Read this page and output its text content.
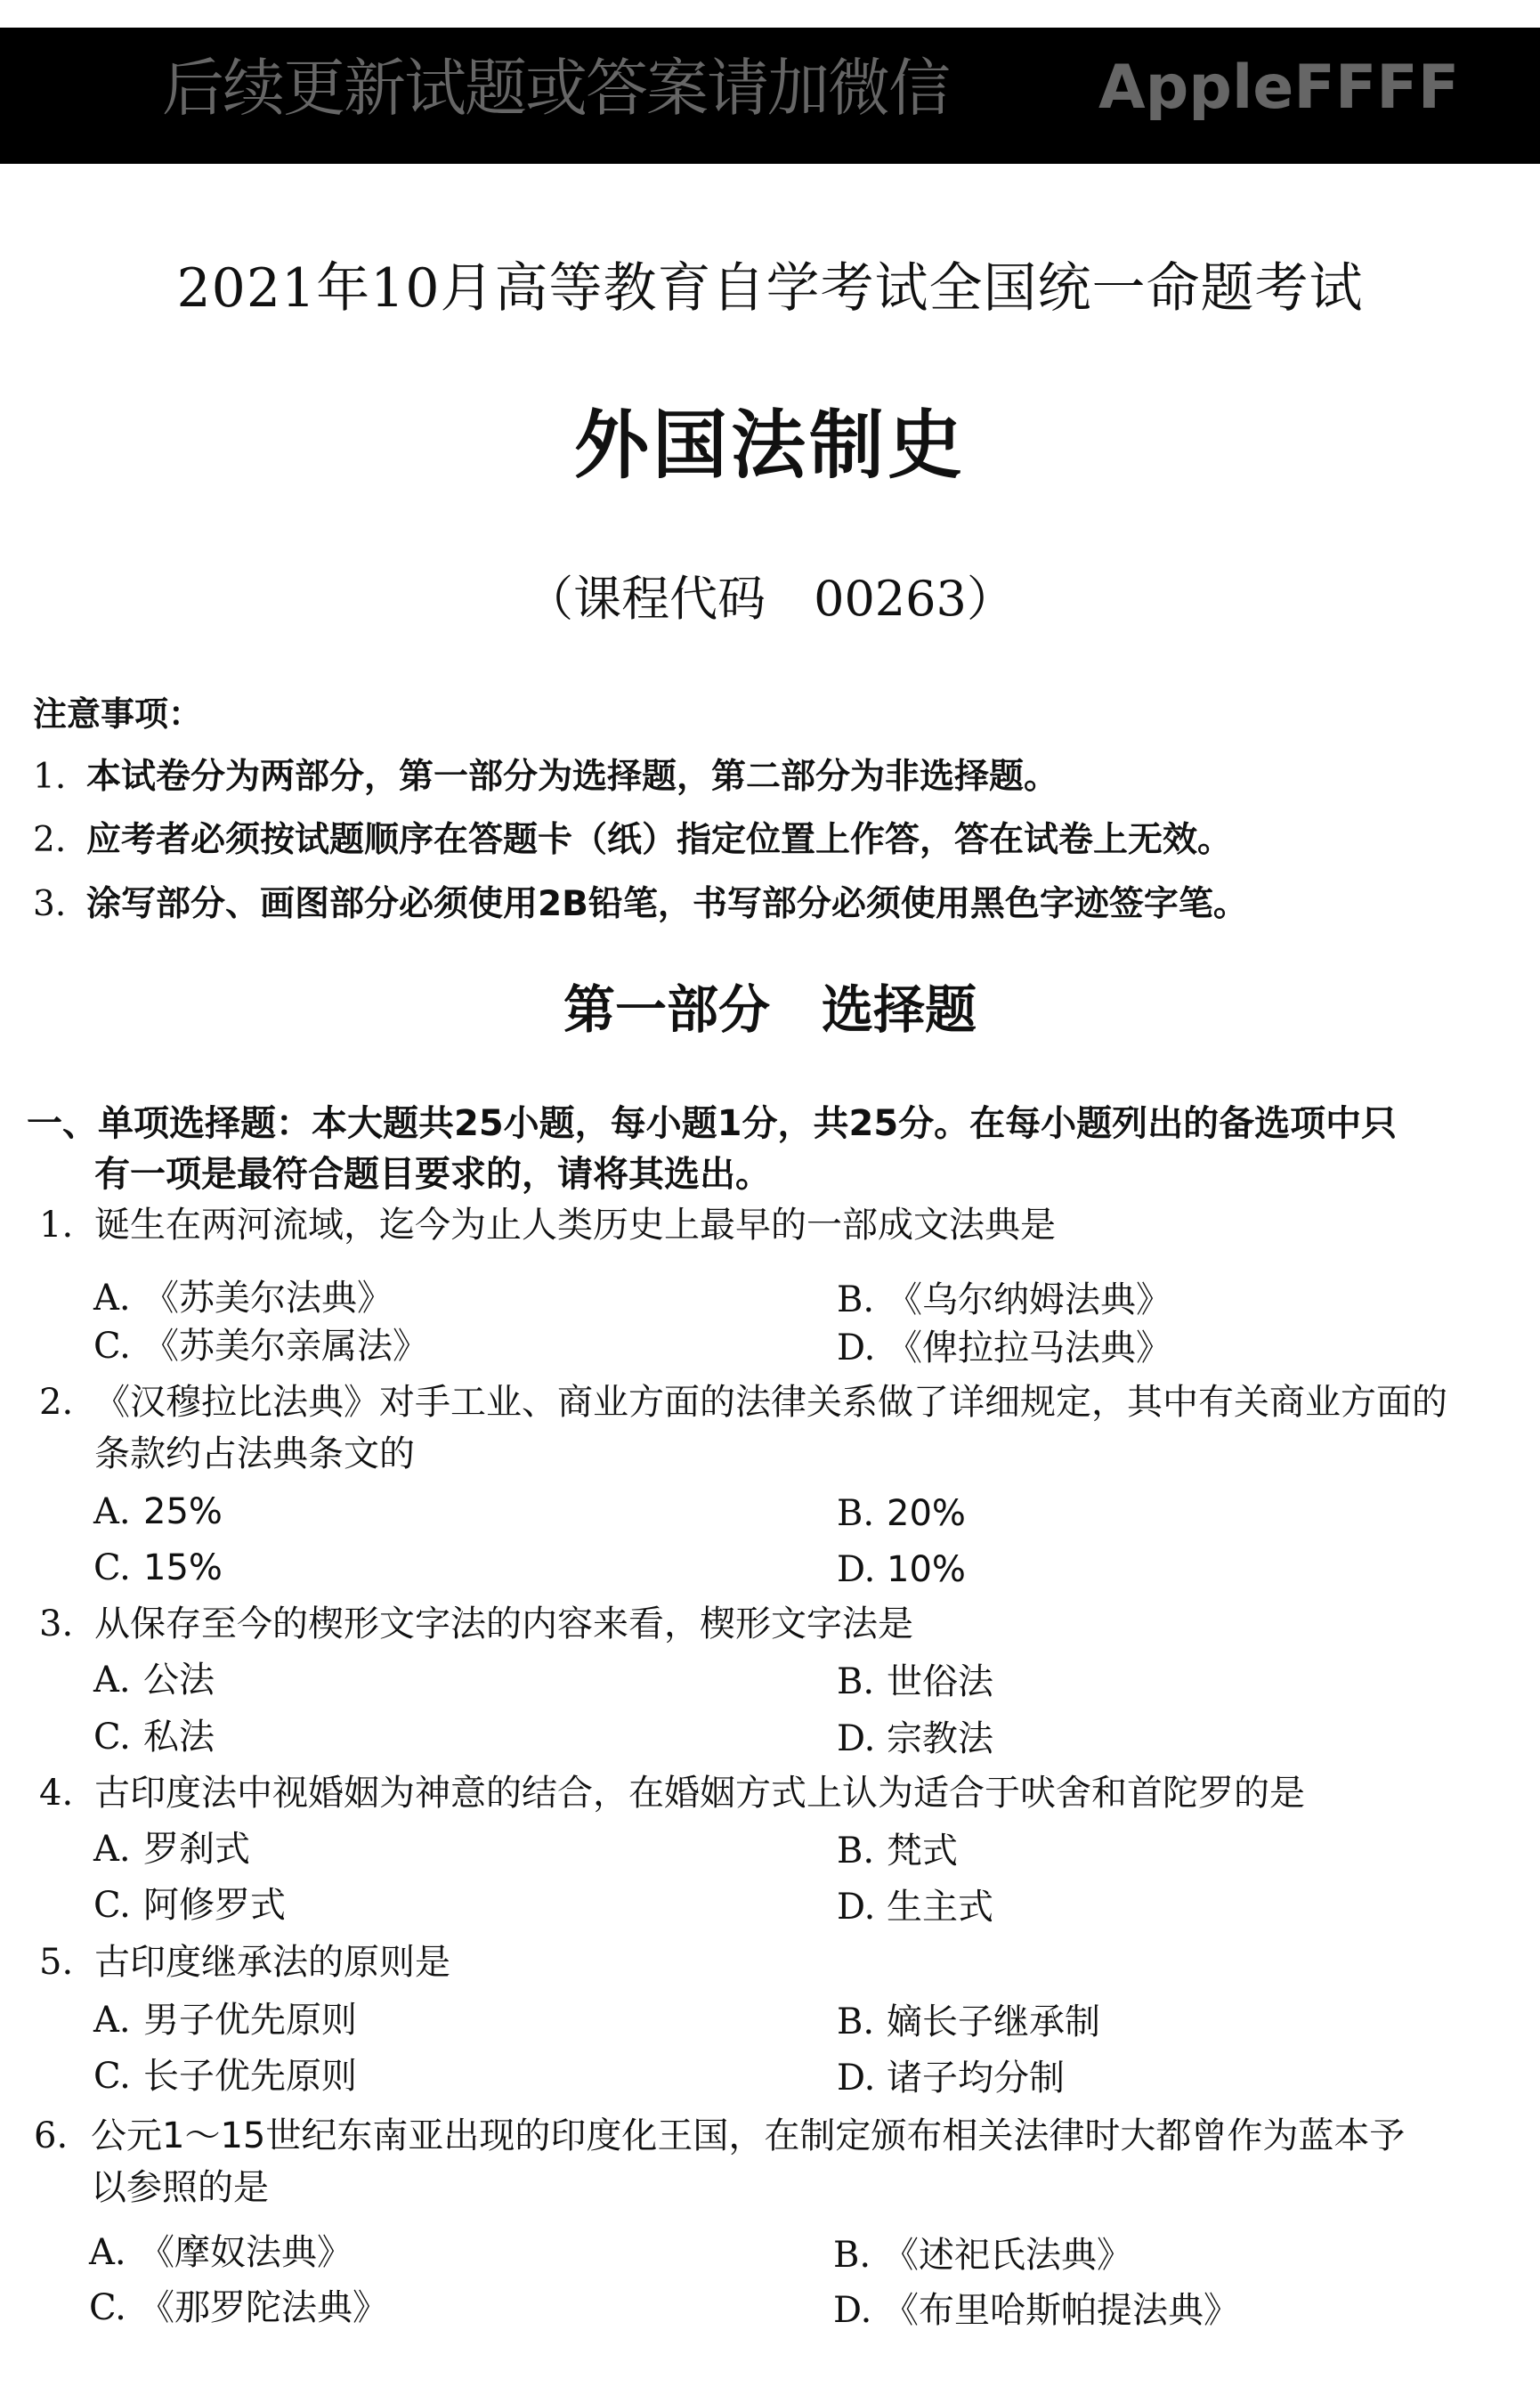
后续更新试题或答案请加微信 AppleFFFF
2021年10月高等教育自学考试全国统一命题考试
外国法制史
（课程代码　00263）
注意事项：
1. 本试卷分为两部分，第一部分为选择题，第二部分为非选择题。
2. 应考者必须按试题顺序在答题卡（纸）指定位置上作答，答在试卷上无效。
3. 涂写部分、画图部分必须使用2B铅笔，书写部分必须使用黑色字迹签字笔。
第一部分　选择题
一、单项选择题：本大题共25小题，每小题1分，共25分。在每小题列出的备选项中只
有一项是最符合题目要求的，请将其选出。
1. 诞生在两河流域，迄今为止人类历史上最早的一部成文法典是
A. 《苏美尔法典》	B. 《乌尔纳姆法典》
C. 《苏美尔亲属法》	D. 《俾拉拉马法典》
2. 《汉穆拉比法典》对手工业、商业方面的法律关系做了详细规定，其中有关商业方面的
条款约占法典条文的
A. 25%	B. 20%
C. 15%	D. 10%
3. 从保存至今的楔形文字法的内容来看，楔形文字法是
A. 公法	B. 世俗法
C. 私法	D. 宗教法
4. 古印度法中视婚姻为神意的结合，在婚姻方式上认为适合于吠舍和首陀罗的是
A. 罗刹式	B. 梵式
C. 阿修罗式	D. 生主式
5. 古印度继承法的原则是
A. 男子优先原则	B. 嫡长子继承制
C. 长子优先原则	D. 诸子均分制
6. 公元1～15世纪东南亚出现的印度化王国，在制定颁布相关法律时大都曾作为蓝本予
以参照的是
A. 《摩奴法典》	B. 《述祀氏法典》
C. 《那罗陀法典》	D. 《布里哈斯帕提法典》
